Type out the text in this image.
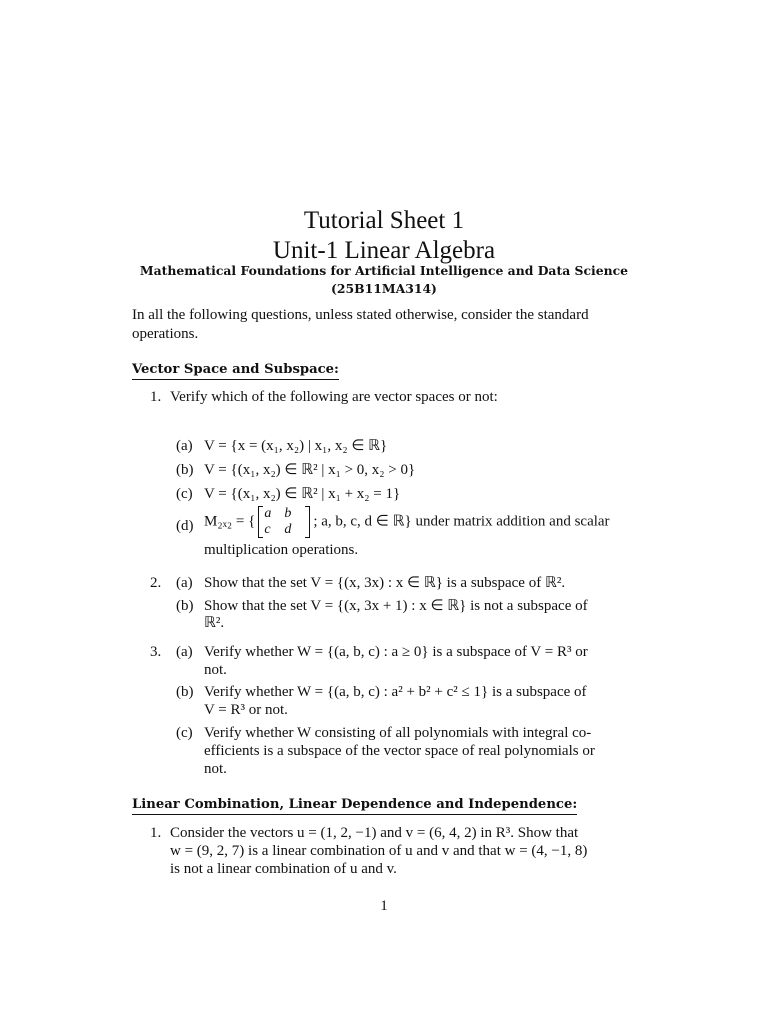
Tutorial Sheet 1
Unit-1 Linear Algebra
Mathematical Foundations for Artificial Intelligence and Data Science
(25B11MA314)
In all the following questions, unless stated otherwise, consider the standard operations.
Vector Space and Subspace:
1. Verify which of the following are vector spaces or not:
(a) V = {x = (x₁, x₂) | x₁, x₂ ∈ ℝ}
(b) V = {(x₁, x₂) ∈ ℝ² | x₁ > 0, x₂ > 0}
(c) V = {(x₁, x₂) ∈ ℝ² | x₁ + x₂ = 1}
(d) M₂ₓ₂ = { a b
c d
; a, b, c, d ∈ ℝ} under matrix addition and scalar
multiplication operations.
2. (a) Show that the set V = {(x, 3x) : x ∈ ℝ} is a subspace of ℝ².
(b) Show that the set V = {(x, 3x + 1) : x ∈ ℝ} is not a subspace of
ℝ².
3. (a) Verify whether W = {(a, b, c) : a ≥ 0} is a subspace of V = R³ or
not.
(b) Verify whether W = {(a, b, c) : a² + b² + c² ≤ 1} is a subspace of
V = R³ or not.
(c) Verify whether W consisting of all polynomials with integral co-
efficients is a subspace of the vector space of real polynomials or
not.
Linear Combination, Linear Dependence and Independence:
1. Consider the vectors u = (1, 2, −1) and v = (6, 4, 2) in R³. Show that
w = (9, 2, 7) is a linear combination of u and v and that w = (4, −1, 8)
is not a linear combination of u and v.
1
